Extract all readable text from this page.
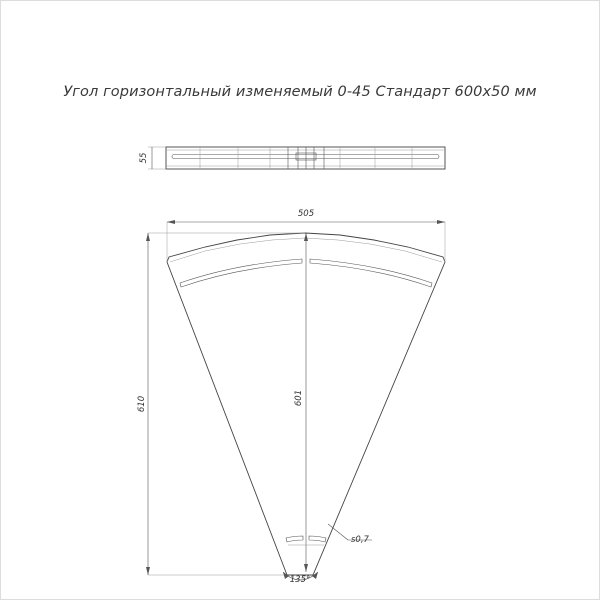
Угол горизонтальный изменяемый 0-45 Стандарт 600х50 мм
55
505
610	601
s0,7
135°
